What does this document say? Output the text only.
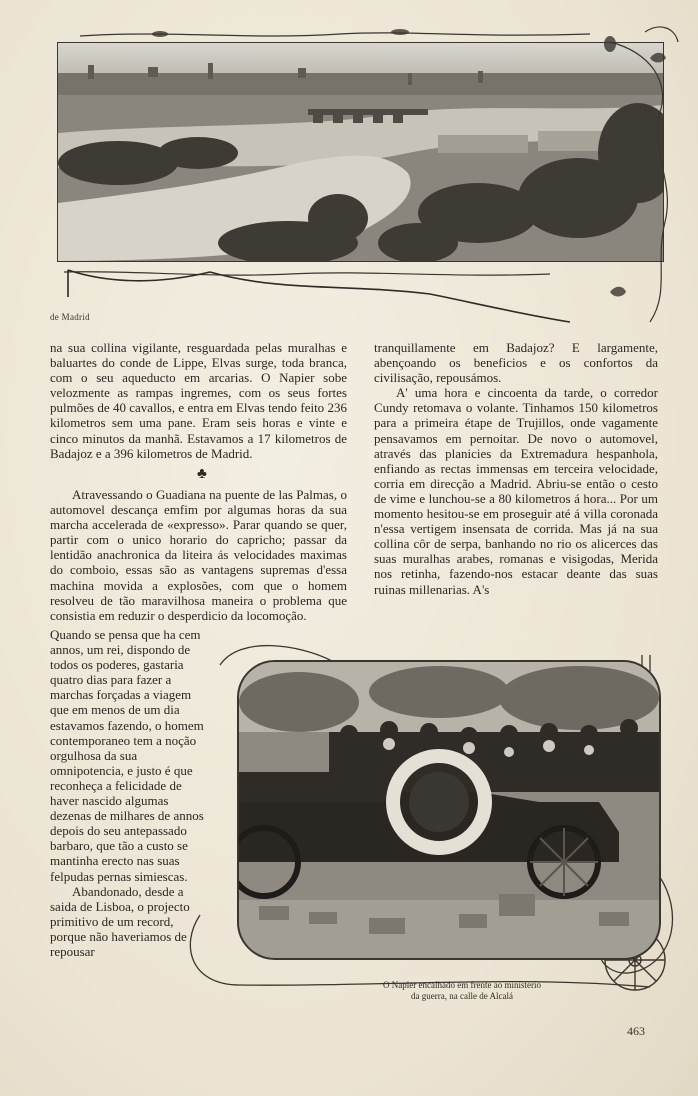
de Madrid

na sua collina vigilante, resguardada pelas muralhas e baluartes do conde de Lippe, Elvas surge, toda branca, com o seu aqueducto em arcarias. O Napier sobe velozmente as rampas ingremes, com os seus fortes pulmões de 40 cavallos, e entra em Elvas tendo feito 236 kilometros sem uma pane. Eram seis horas e vinte e cinco minutos da manhã. Estavamos a 17 kilometros de Badajoz e a 396 kilometros de Madrid.

♣

Atravessando o Guadiana na puente de las Palmas, o automovel descança emfim por algumas horas da sua marcha accelerada de «expresso». Parar quando se quer, partir com o unico horario do capricho; passar da lentidão anachronica da liteira ás velocidades maximas do comboio, essas são as vantagens supremas d'essa machina movida a explosões, com que o homem resolveu de tão maravilhosa maneira o problema que consistia em reduzir o desperdicio da locomoção.

Quando se pensa que ha cem annos, um rei, dispondo de todos os poderes, gastaria quatro dias para fazer a marchas forçadas a viagem que em menos de um dia estavamos fazendo, o homem contemporaneo tem a noção orgulhosa da sua omnipotencia, e justo é que reconheça a felicidade de haver nascido algumas dezenas de milhares de annos depois do seu antepassado barbaro, que tão a custo se mantinha erecto nas suas felpudas pernas simiescas.

Abandonado, desde a saida de Lisboa, o projecto primitivo de um record, porque não haveriamos de repousar

tranquillamente em Badajoz? E largamente, abençoando os beneficios e os confortos da civilisação, repousámos.

A' uma hora e cincoenta da tarde, o corredor Cundy retomava o volante. Tinhamos 150 kilometros para a primeira étape de Trujillos, onde vagamente pensavamos em pernoitar. De novo o automovel, através das planicies da Extremadura hespanhola, enfiando as rectas immensas em terceira velocidade, corria em direcção a Madrid. Abriu-se então o cesto de vime e lunchou-se a 80 kilometros á hora... Por um momento hesitou-se em proseguir até á villa coronada n'essa vertigem insensata de corrida. Mas já na sua collina côr de serpa, banhando no rio os alicerces das suas muralhas arabes, romanas e visigodas, Merida nos retinha, fazendo-nos estacar deante das suas ruinas millenarias. A's

O Napier encalhado em frente ao ministerio
da guerra, na calle de Alcalá
463
